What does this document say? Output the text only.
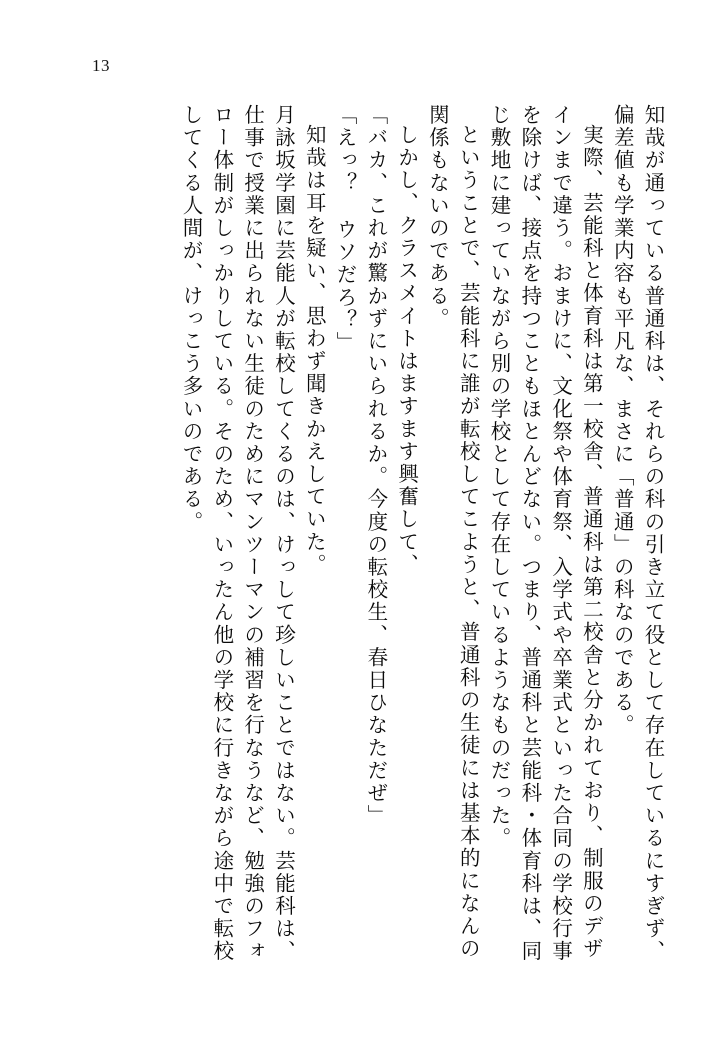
13
知哉が通っている普通科は、それらの科の引き立て役として存在しているにすぎず、
偏差値も学業内容も平凡な、まさに「普通」の科なのである。
実際、芸能科と体育科は第一校舎、普通科は第二校舎と分かれており、制服のデザ
インまで違う。おまけに、文化祭や体育祭、入学式や卒業式といった合同の学校行事
を除けば、接点を持つこともほとんどない。つまり、普通科と芸能科・体育科は、同
じ敷地に建っていながら別の学校として存在しているようなものだった。
ということで、芸能科に誰が転校してこようと、普通科の生徒には基本的になんの
関係もないのである。
しかし、クラスメイトはますます興奮して、
「バカ、これが驚かずにいられるか。今度の転校生、春日ひなただぜ」
「えっ？ ウソだろ？」
知哉は耳を疑い、思わず聞きかえしていた。
月詠坂学園に芸能人が転校してくるのは、けっして珍しいことではない。芸能科は、
仕事で授業に出られない生徒のためにマンツーマンの補習を行なうなど、勉強のフォ
ロー体制がしっかりしている。そのため、いったん他の学校に行きながら途中で転校
してくる人間が、けっこう多いのである。
